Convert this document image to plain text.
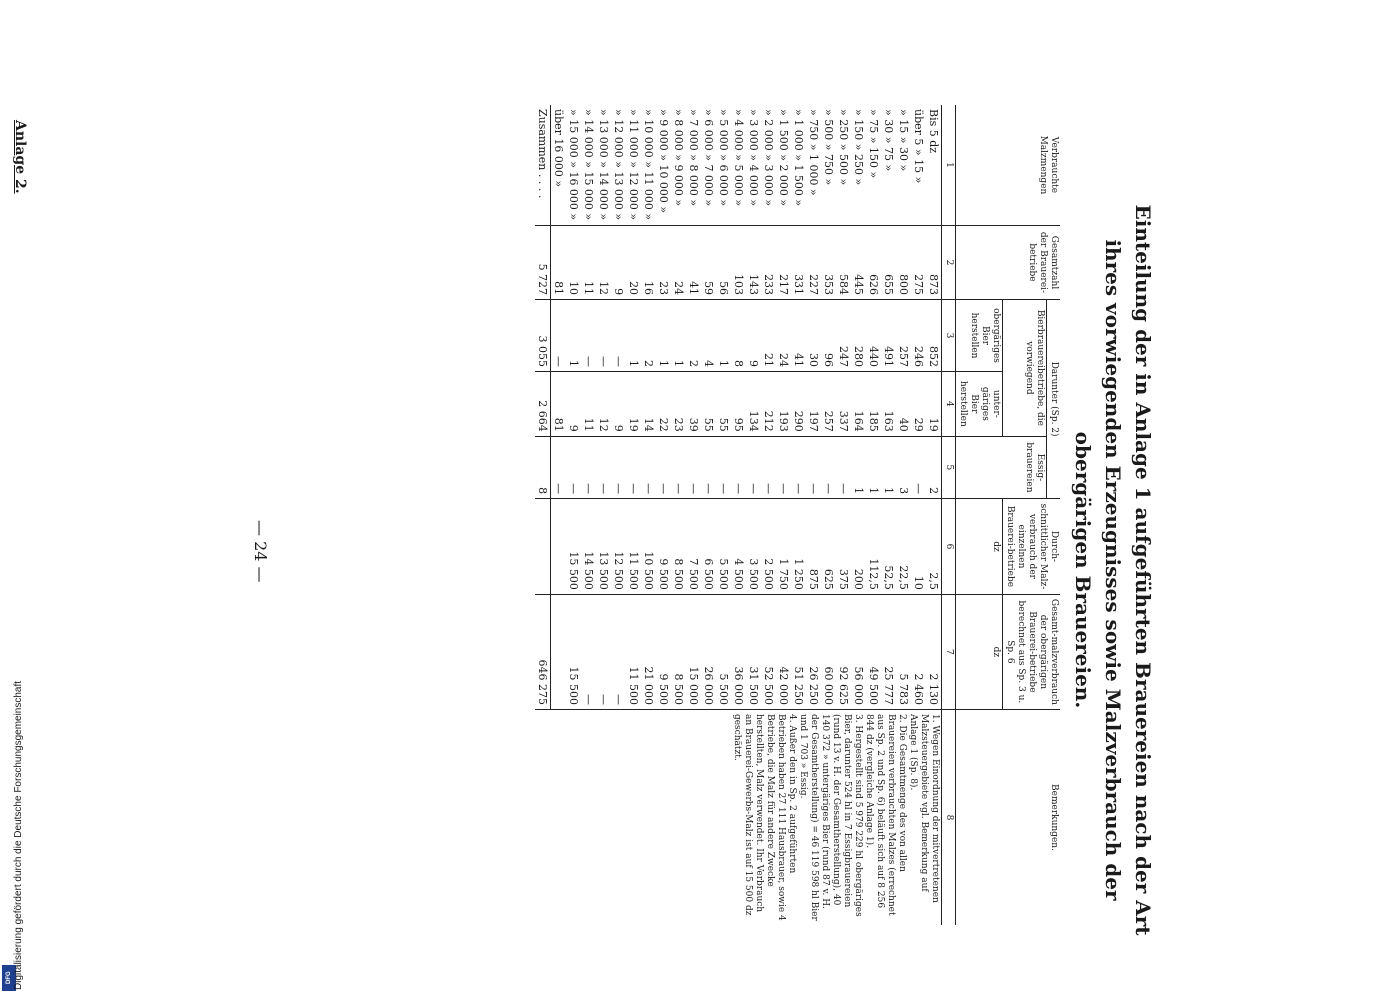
DFG Digitalisierung gefördert durch die Deutsche Forschungsgemeinschaft	Einteilung der in Anlage 1 aufgeführten Brauereien nach der Art ihres vorwiegenden Erzeugnisses sowie Malzverbrauch der obergärigen Brauereien.
— 24 —
Verbrauchte Malzmengen	Gesamtzahl der Brauerei-betriebe	Darunter (Sp. 2)			Durch-schnittlicher Malz-verbrauch der einzelnen Brauerei-betriebe	Gesamt-malzverbrauch der obergärigen Brauerei-betriebe berechnet aus Sp. 3 u. Sp. 6	Bemerkungen.
		Bierbrauereibetriebe, die vorwiegend		Essig-brauereien			
		obergäriges Bier herstellen	unter-gäriges Bier herstellen		dz	dz	
1	2	3	4	5	6	7	8
Bis 5 dz	873	852	19	2	2,5	2 130	1. Wegen Einordnung der mitvertretenen Malzsteuergebiete vgl. Bemerkung auf Anlage 1 (Sp. 8).
2. Die Gesamtmenge des von allen Brauereien verbrauchten Malzes (errechnet aus Sp. 2 und Sp. 6) beläuft sich auf 8 256 844 dz (vergleiche Anlage 1).
3. Hergestellt sind 5 979 229 hl obergäriges Bier, darunter 524 hl in 7 Essigbrauereien (rund 13 v. H. der Gesamtherstellung), 40 140 372 » untergäriges Bier (rund 87 v. H. der Gesamtherstellung) = 46 119 598 hl Bier und 1 703 » Essig.
4. Außer den in Sp. 2 aufgeführten Betrieben haben 27 111 Hausbrauer, sowie 4 Betriebe, die Malz für andere Zwecke herstellten, Malz verwendet. Ihr Verbrauch an Brauerei-Gewerbs-Malz ist auf 15 500 dz geschätzt.

über 5 » 15 »	275	246	29	—	10	2 460	
» 15 » 30 »	800	257	40	3	22,5	5 783	
» 30 » 75 »	655	491	163	1	52,5	25 777	
» 75 » 150 »	626	440	185	1	112,5	49 500	
» 150 » 250 »	445	280	164	1	200	56 000	
» 250 » 500 »	584	247	337	—	375	92 625	
» 500 » 750 »	353	96	257	—	625	60 000	
» 750 » 1 000 »	227	30	197	—	875	26 250	
» 1 000 » 1 500 »	331	41	290	—	1 250	51 250	
» 1 500 » 2 000 »	217	24	193	—	1 750	42 000	
» 2 000 » 3 000 »	233	21	212	—	2 500	52 500	
» 3 000 » 4 000 »	143	9	134	—	3 500	31 500	
» 4 000 » 5 000 »	103	8	95	—	4 500	36 000	
» 5 000 » 6 000 »	56	1	55	—	5 500	5 500	
» 6 000 » 7 000 »	59	4	55	—	6 500	26 000	
» 7 000 » 8 000 »	41	2	39	—	7 500	15 000	
» 8 000 » 9 000 »	24	1	23	—	8 500	8 500	
» 9 000 » 10 000 »	23	1	22	—	9 500	9 500	
» 10 000 » 11 000 »	16	2	14	—	10 500	21 000	
» 11 000 » 12 000 »	20	1	19	—	11 500	11 500	
» 12 000 » 13 000 »	9	—	9	—	12 500	—	
» 13 000 » 14 000 »	12	—	12	—	13 500	—	
» 14 000 » 15 000 »	11	—	11	—	14 500	—	
» 15 000 » 16 000 »	10	1	9	—	15 500	15 500	
über 16 000 »	81	—	81	—			
Zusammen . . . .	5 727	3 055	2 664	8		646 275	
Anlage 2.
